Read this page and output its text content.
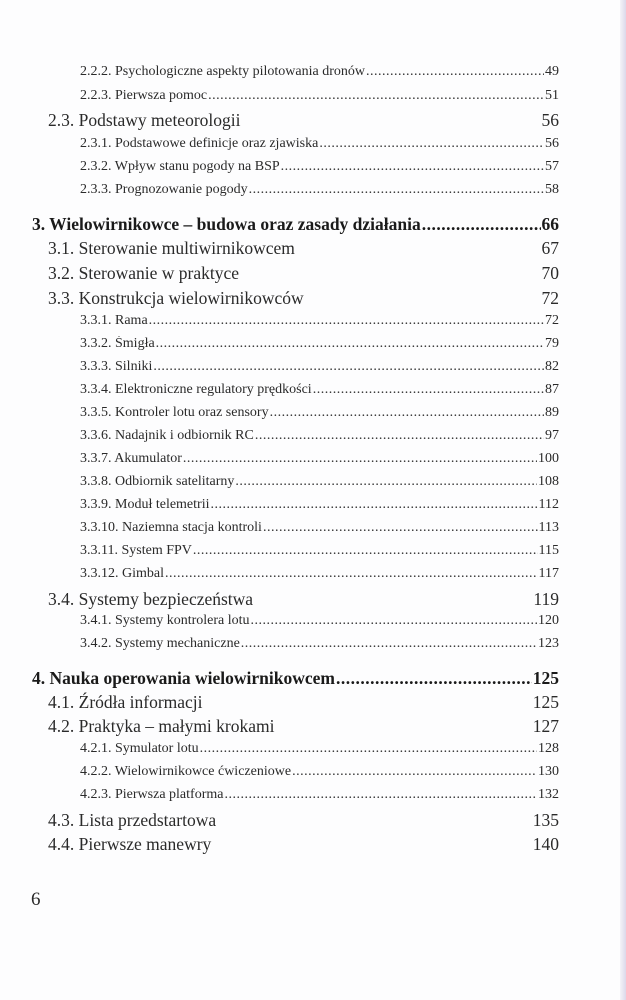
2.2.2. Psychologiczne aspekty pilotowania dronów .....	49
2.2.3. Pierwsza pomoc .....	51
2.3. Podstawy meteorologii	56
2.3.1. Podstawowe definicje oraz zjawiska .....	56
2.3.2. Wpływ stanu pogody na BSP .....	57
2.3.3. Prognozowanie pogody .....	58
3. Wielowirnikowce – budowa oraz zasady działania .....	66
3.1. Sterowanie multiwirnikowcem	67
3.2. Sterowanie w praktyce	70
3.3. Konstrukcja wielowirnikowców	72
3.3.1. Rama .....	72
3.3.2. Śmigła .....	79
3.3.3. Silniki .....	82
3.3.4. Elektroniczne regulatory prędkości .....	87
3.3.5. Kontroler lotu oraz sensory .....	89
3.3.6. Nadajnik i odbiornik RC .....	97
3.3.7. Akumulator .....	100
3.3.8. Odbiornik satelitarny .....	108
3.3.9. Moduł telemetrii .....	112
3.3.10. Naziemna stacja kontroli .....	113
3.3.11. System FPV .....	115
3.3.12. Gimbal .....	117
3.4. Systemy bezpieczeństwa	119
3.4.1. Systemy kontrolera lotu .....	120
3.4.2. Systemy mechaniczne .....	123
4. Nauka operowania wielowirnikowcem .....	125
4.1. Źródła informacji	125
4.2. Praktyka – małymi krokami	127
4.2.1. Symulator lotu .....	128
4.2.2. Wielowirnikowce ćwiczeniowe .....	130
4.2.3. Pierwsza platforma .....	132
4.3. Lista przedstartowa	135
4.4. Pierwsze manewry	140
6
